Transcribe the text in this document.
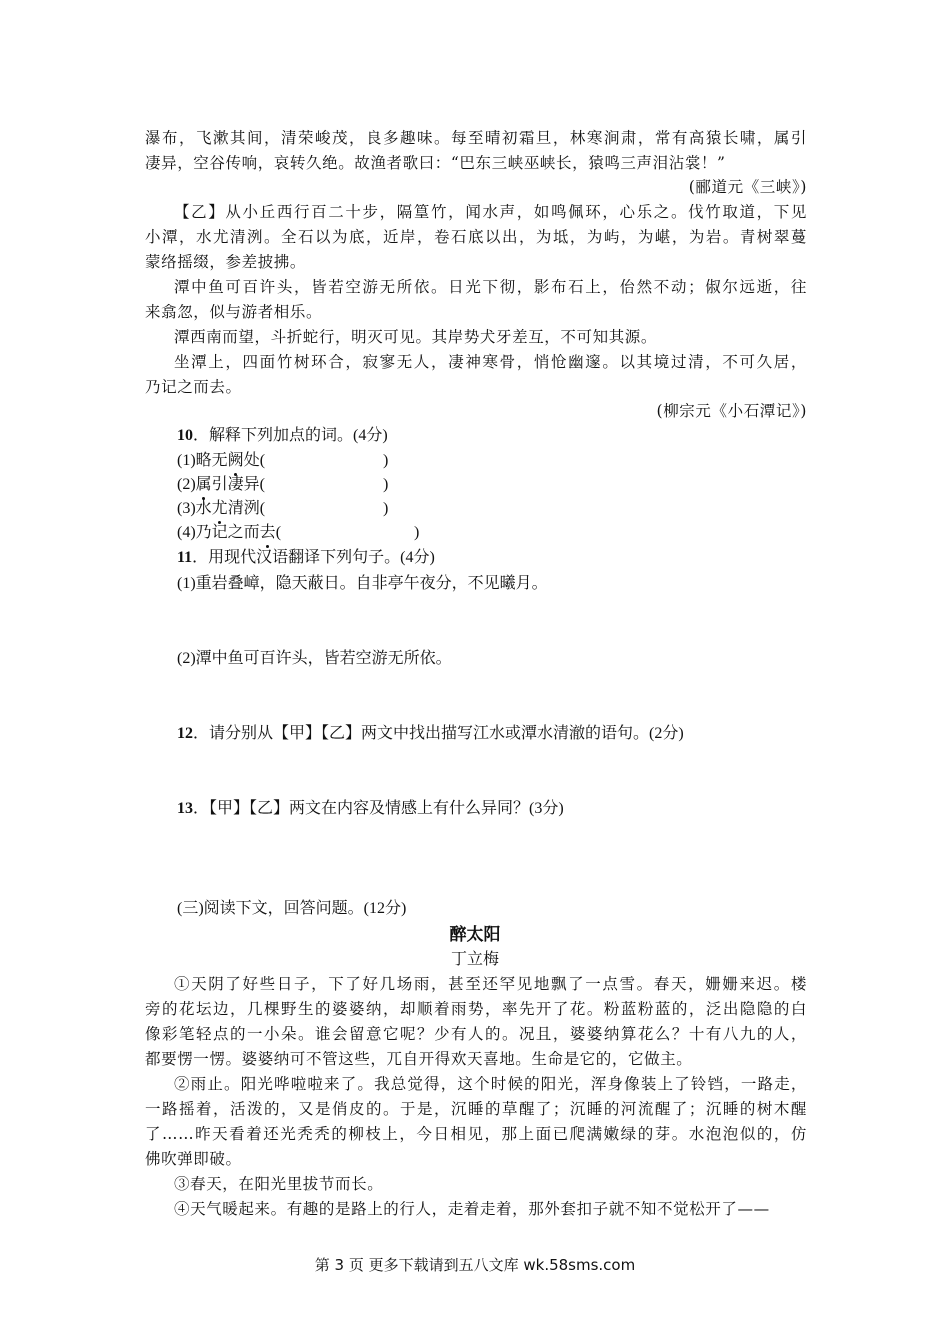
瀑布，飞漱其间，清荣峻茂，良多趣味。每至晴初霜旦，林寒涧肃，常有高猿长啸，属引
凄异，空谷传响，哀转久绝。故渔者歌曰：“巴东三峡巫峡长，猿鸣三声泪沾裳！”
(郦道元《三峡》)
【乙】从小丘西行百二十步，隔篁竹，闻水声，如鸣佩环，心乐之。伐竹取道，下见
小潭，水尤清洌。全石以为底，近岸，卷石底以出，为坻，为屿，为嵁，为岩。青树翠蔓
蒙络摇缀，参差披拂。
潭中鱼可百许头，皆若空游无所依。日光下彻，影布石上，佁然不动；俶尔远逝，往
来翕忽，似与游者相乐。
潭西南而望，斗折蛇行，明灭可见。其岸势犬牙差互，不可知其源。
坐潭上，四面竹树环合，寂寥无人，凄神寒骨，悄怆幽邃。以其境过清，不可久居，
乃记之而去。
(柳宗元《小石潭记》)
10．解释下列加点的词。(4分)
(1)略无阙处(	)
(2)属引凄异(	)
(3)水尤清洌(	)
(4)乃记之而去(	)
11．用现代汉语翻译下列句子。(4分)
(1)重岩叠嶂，隐天蔽日。自非亭午夜分，不见曦月。
(2)潭中鱼可百许头，皆若空游无所依。
12．请分别从【甲】【乙】两文中找出描写江水或潭水清澈的语句。(2分)
13．【甲】【乙】两文在内容及情感上有什么异同？(3分)
(三)阅读下文，回答问题。(12分)
醉太阳
丁立梅
①天阴了好些日子，下了好几场雨，甚至还罕见地飘了一点雪。春天，姗姗来迟。楼
旁的花坛边，几棵野生的婆婆纳，却顺着雨势，率先开了花。粉蓝粉蓝的，泛出隐隐的白
像彩笔轻点的一小朵。谁会留意它呢？少有人的。况且，婆婆纳算花么？十有八九的人，
都要愣一愣。婆婆纳可不管这些，兀自开得欢天喜地。生命是它的，它做主。
②雨止。阳光哗啦啦来了。我总觉得，这个时候的阳光，浑身像装上了铃铛，一路走，
一路摇着，活泼的，又是俏皮的。于是，沉睡的草醒了；沉睡的河流醒了；沉睡的树木醒
了……昨天看着还光秃秃的柳枝上，今日相见，那上面已爬满嫩绿的芽。水泡泡似的，仿
佛吹弹即破。
③春天，在阳光里拔节而长。
④天气暖起来。有趣的是路上的行人，走着走着，那外套扣子就不知不觉松开了——
第 3 页 更多下载请到五八文库 wk.58sms.com
